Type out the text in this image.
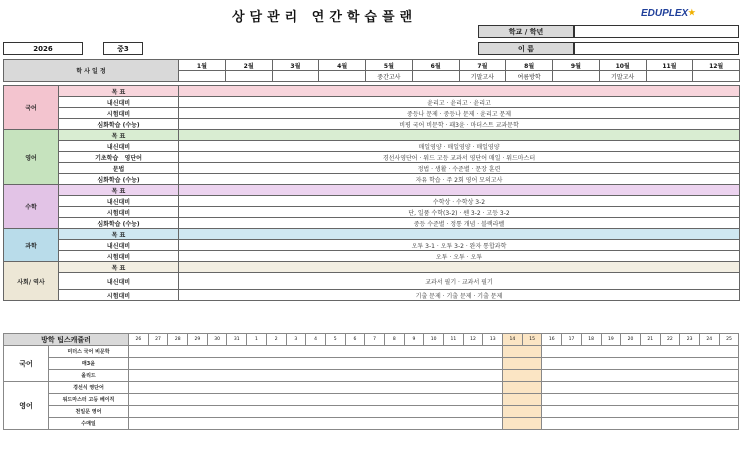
상담관리 연간학습플랜	EDUPLEX★
학교 / 학년
이 름
2026	중3
학 사 일 정		1월	2월	3월	4월	5월	6월	7월	8월	9월	10월	11월	12월
						중간고사		기말고사	여름방학		기말고사		

국어	목 표												
	내신대비	윤리고 · 윤리고 · 윤리고											
	시험대비	중등나 문제 · 중등나 문제 · 윤리고 문제											
	심화학습 (수능)	비평 국어 비문학 · 패3윤 · 마더스트 교과문학											
영어	목 표												
	내신대비	매일영양 · 매일영양 · 매일영양											
	기초학습 영단어	경선사영단어 · 워드 고등 교과서 영단어 매일 · 워드마스터											
	문법	정법 · 생활 · 수준별 · 문장 훈련											
	심화학습 (수능)	자유 학습 · 주 2회 영어 모의고사											
수학	목 표												
	내신대비	수학상 · 수학상 3-2											
	시험대비	단, 일품 수학(3-2) · 쎈 3-2 · 고등 3-2											
	심화학습 (수능)	중등 수준별 · 정통 개념 · 블랙라벨											
과학	목 표												
	내신대비	오투 3-1 · 오투 3-2 · 완자 통합과학											
	시험대비	오투 · 오투 · 오투											
사회/ 역사	목 표												
	내신대비	교과서 필기 · 교과서 필기											
	시험대비	기출 문제 · 기출 문제 · 기출 문제											
방학 팁스캐쥴러		26	27	28	29	30	31	1	2	3	4	5	6	7	8	9	10	11	12	13	14	15	16	17	18	19	20	21	22	23	24	25
국어	미더스 국어 비문학																															
	매3윤																															
	올리드																															
영어	경선식 영단어																															
	워드마스터 고등 베이직																															
	천일문 영어																															
	수매일																															
